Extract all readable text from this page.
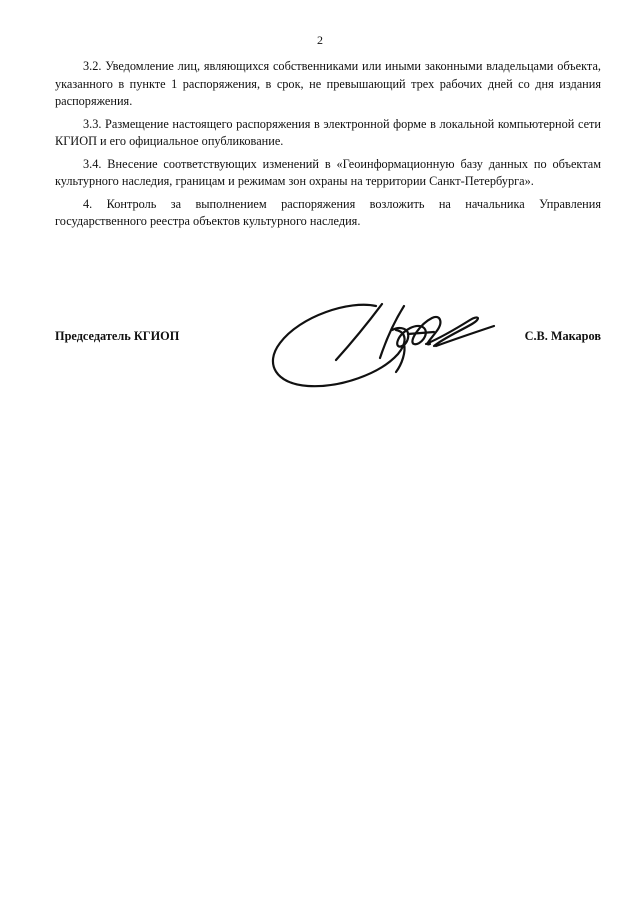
2

3.2. Уведомление лиц, являющихся собственниками или иными законными владельцами объекта, указанного в пункте 1 распоряжения, в срок, не превышающий трех рабочих дней со дня издания распоряжения.

3.3. Размещение настоящего распоряжения в электронной форме в локальной компьютерной сети КГИОП и его официальное опубликование.

3.4. Внесение соответствующих изменений в «Геоинформационную базу данных по объектам культурного наследия, границам и режимам зон охраны на территории Санкт-Петербурга».

4. Контроль за выполнением распоряжения возложить на начальника Управления государственного реестра объектов культурного наследия.

Председатель КГИОП	С.В. Макаров
